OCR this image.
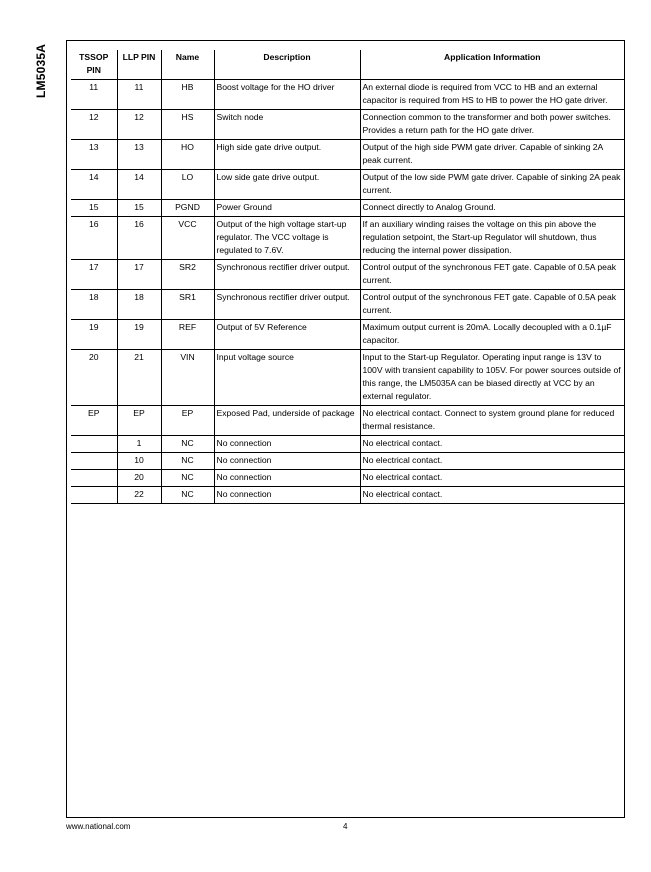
LM5035A	TSSOP PIN	LLP PIN	Name	Description	Application Information
11	11	HB	Boost voltage for the HO driver	An external diode is required from VCC to HB and an external capacitor is required from HS to HB to power the HO gate driver.
12	12	HS	Switch node	Connection common to the transformer and both power switches. Provides a return path for the HO gate driver.
13	13	HO	High side gate drive output.	Output of the high side PWM gate driver. Capable of sinking 2A peak current.
14	14	LO	Low side gate drive output.	Output of the low side PWM gate driver. Capable of sinking 2A peak current.
15	15	PGND	Power Ground	Connect directly to Analog Ground.
16	16	VCC	Output of the high voltage start-up regulator. The VCC voltage is regulated to 7.6V.	If an auxiliary winding raises the voltage on this pin above the regulation setpoint, the Start-up Regulator will shutdown, thus reducing the internal power dissipation.
17	17	SR2	Synchronous rectifier driver output.	Control output of the synchronous FET gate. Capable of 0.5A peak current.
18	18	SR1	Synchronous rectifier driver output.	Control output of the synchronous FET gate. Capable of 0.5A peak current.
19	19	REF	Output of 5V Reference	Maximum output current is 20mA. Locally decoupled with a 0.1µF capacitor.
20	21	VIN	Input voltage source	Input to the Start-up Regulator. Operating input range is 13V to 100V with transient capability to 105V. For power sources outside of this range, the LM5035A can be biased directly at VCC by an external regulator.
EP	EP	EP	Exposed Pad, underside of package	No electrical contact. Connect to system ground plane for reduced thermal resistance.
	1	NC	No connection	No electrical contact.
	10	NC	No connection	No electrical contact.
	20	NC	No connection	No electrical contact.
	22	NC	No connection	No electrical contact.
www.national.com	4
